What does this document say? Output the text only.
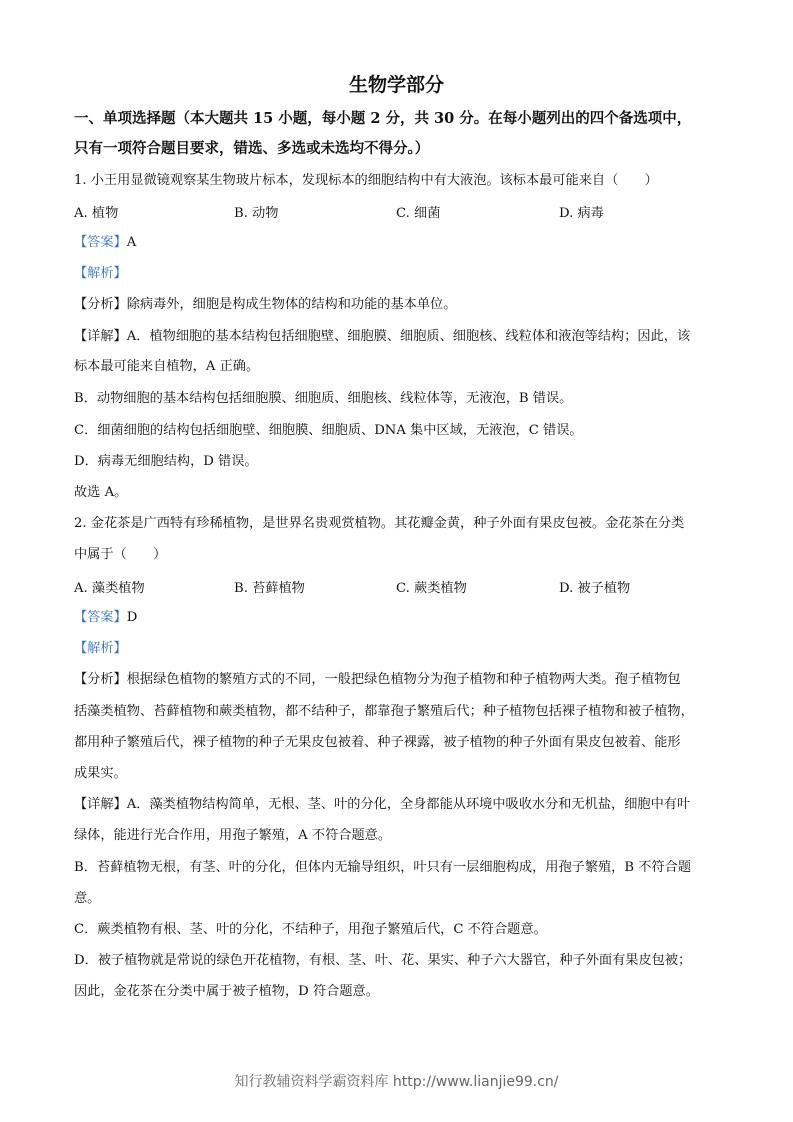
生物学部分
一、单项选择题（本大题共 15 小题，每小题 2 分，共 30 分。在每小题列出的四个备选项中，
只有一项符合题目要求，错选、多选或未选均不得分。）
1. 小王用显微镜观察某生物玻片标本，发现标本的细胞结构中有大液泡。该标本最可能来自（　　）
A. 植物	B. 动物	C. 细菌	D. 病毒
【答案】A
【解析】
【分析】除病毒外，细胞是构成生物体的结构和功能的基本单位。
【详解】A．植物细胞的基本结构包括细胞壁、细胞膜、细胞质、细胞核、线粒体和液泡等结构；因此，该
标本最可能来自植物，A 正确。
B．动物细胞的基本结构包括细胞膜、细胞质、细胞核、线粒体等，无液泡，B 错误。
C．细菌细胞的结构包括细胞壁、细胞膜、细胞质、DNA 集中区域，无液泡，C 错误。
D．病毒无细胞结构，D 错误。
故选 A。
2. 金花茶是广西特有珍稀植物，是世界名贵观赏植物。其花瓣金黄，种子外面有果皮包被。金花茶在分类
中属于（　　）
A. 藻类植物	B. 苔藓植物	C. 蕨类植物	D. 被子植物
【答案】D
【解析】
【分析】根据绿色植物的繁殖方式的不同，一般把绿色植物分为孢子植物和种子植物两大类。孢子植物包
括藻类植物、苔藓植物和蕨类植物，都不结种子，都靠孢子繁殖后代；种子植物包括裸子植物和被子植物，
都用种子繁殖后代，裸子植物的种子无果皮包被着、种子裸露，被子植物的种子外面有果皮包被着、能形
成果实。
【详解】A．藻类植物结构简单，无根、茎、叶的分化，全身都能从环境中吸收水分和无机盐，细胞中有叶
绿体，能进行光合作用，用孢子繁殖，A 不符合题意。
B．苔藓植物无根，有茎、叶的分化，但体内无输导组织，叶只有一层细胞构成，用孢子繁殖，B 不符合题
意。
C．蕨类植物有根、茎、叶的分化，不结种子，用孢子繁殖后代，C 不符合题意。
D．被子植物就是常说的绿色开花植物，有根、茎、叶、花、果实、种子六大器官，种子外面有果皮包被；
因此，金花茶在分类中属于被子植物，D 符合题意。
知行教辅资料学霸资料库 http://www.lianjie99.cn/
